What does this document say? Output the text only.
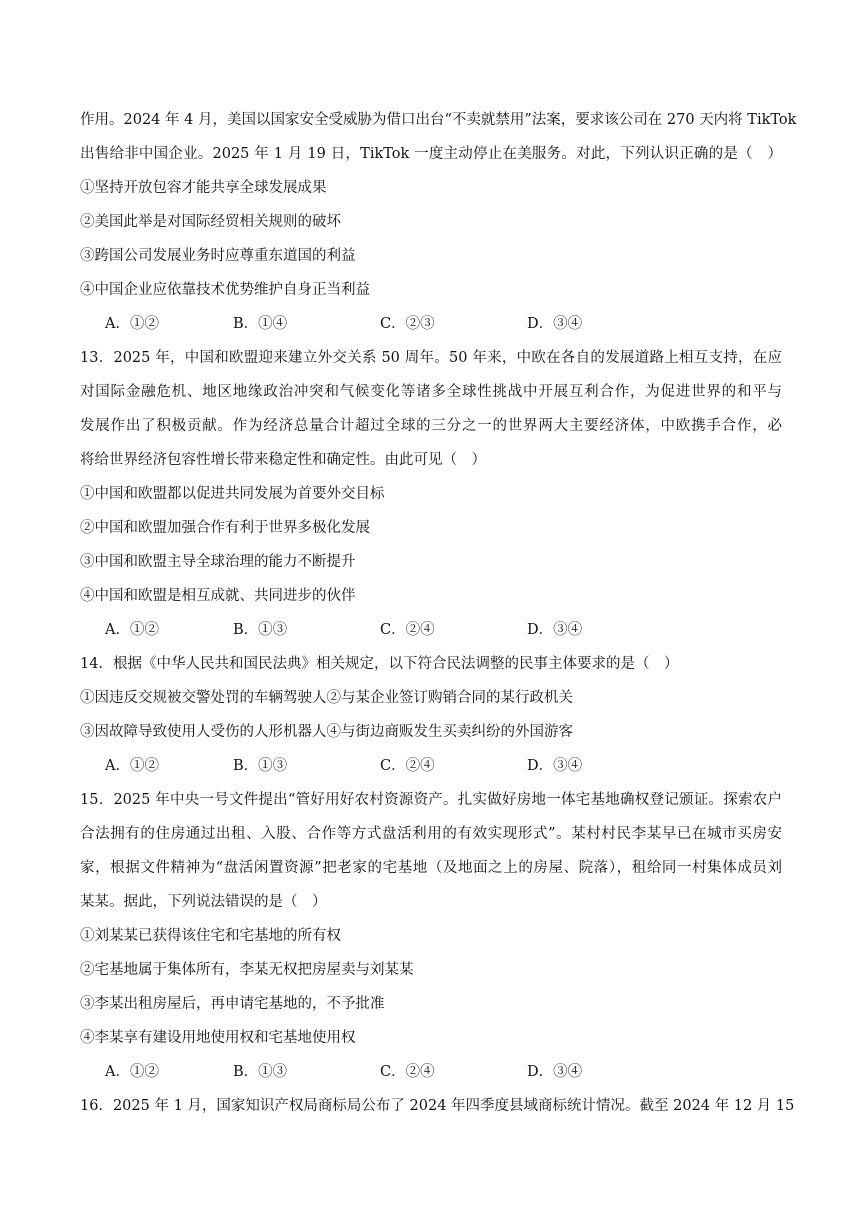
作用。2024 年 4 月，美国以国家安全受威胁为借口出台“不卖就禁用”法案，要求该公司在 270 天内将 TikTok
出售给非中国企业。2025 年 1 月 19 日，TikTok 一度主动停止在美服务。对此，下列认识正确的是（　）
①坚持开放包容才能共享全球发展成果
②美国此举是对国际经贸相关规则的破坏
③跨国公司发展业务时应尊重东道国的利益
④中国企业应依靠技术优势维护自身正当利益
A．①②	B．①④	C．②③	D．③④
13．2025 年，中国和欧盟迎来建立外交关系 50 周年。50 年来，中欧在各自的发展道路上相互支持，在应
对国际金融危机、地区地缘政治冲突和气候变化等诸多全球性挑战中开展互利合作，为促进世界的和平与
发展作出了积极贡献。作为经济总量合计超过全球的三分之一的世界两大主要经济体，中欧携手合作，必
将给世界经济包容性增长带来稳定性和确定性。由此可见（　）
①中国和欧盟都以促进共同发展为首要外交目标
②中国和欧盟加强合作有利于世界多极化发展
③中国和欧盟主导全球治理的能力不断提升
④中国和欧盟是相互成就、共同进步的伙伴
A．①②	B．①③	C．②④	D．③④
14．根据《中华人民共和国民法典》相关规定，以下符合民法调整的民事主体要求的是（　）
①因违反交规被交警处罚的车辆驾驶人②与某企业签订购销合同的某行政机关
③因故障导致使用人受伤的人形机器人④与街边商贩发生买卖纠纷的外国游客
A．①②	B．①③	C．②④	D．③④
15．2025 年中央一号文件提出“管好用好农村资源资产。扎实做好房地一体宅基地确权登记颁证。探索农户
合法拥有的住房通过出租、入股、合作等方式盘活利用的有效实现形式”。某村村民李某早已在城市买房安
家，根据文件精神为“盘活闲置资源”把老家的宅基地（及地面之上的房屋、院落），租给同一村集体成员刘
某某。据此，下列说法错误的是（　）
①刘某某已获得该住宅和宅基地的所有权
②宅基地属于集体所有，李某无权把房屋卖与刘某某
③李某出租房屋后，再申请宅基地的，不予批准
④李某享有建设用地使用权和宅基地使用权
A．①②	B．①③	C．②④	D．③④
16．2025 年 1 月，国家知识产权局商标局公布了 2024 年四季度县域商标统计情况。截至 2024 年 12 月 15
